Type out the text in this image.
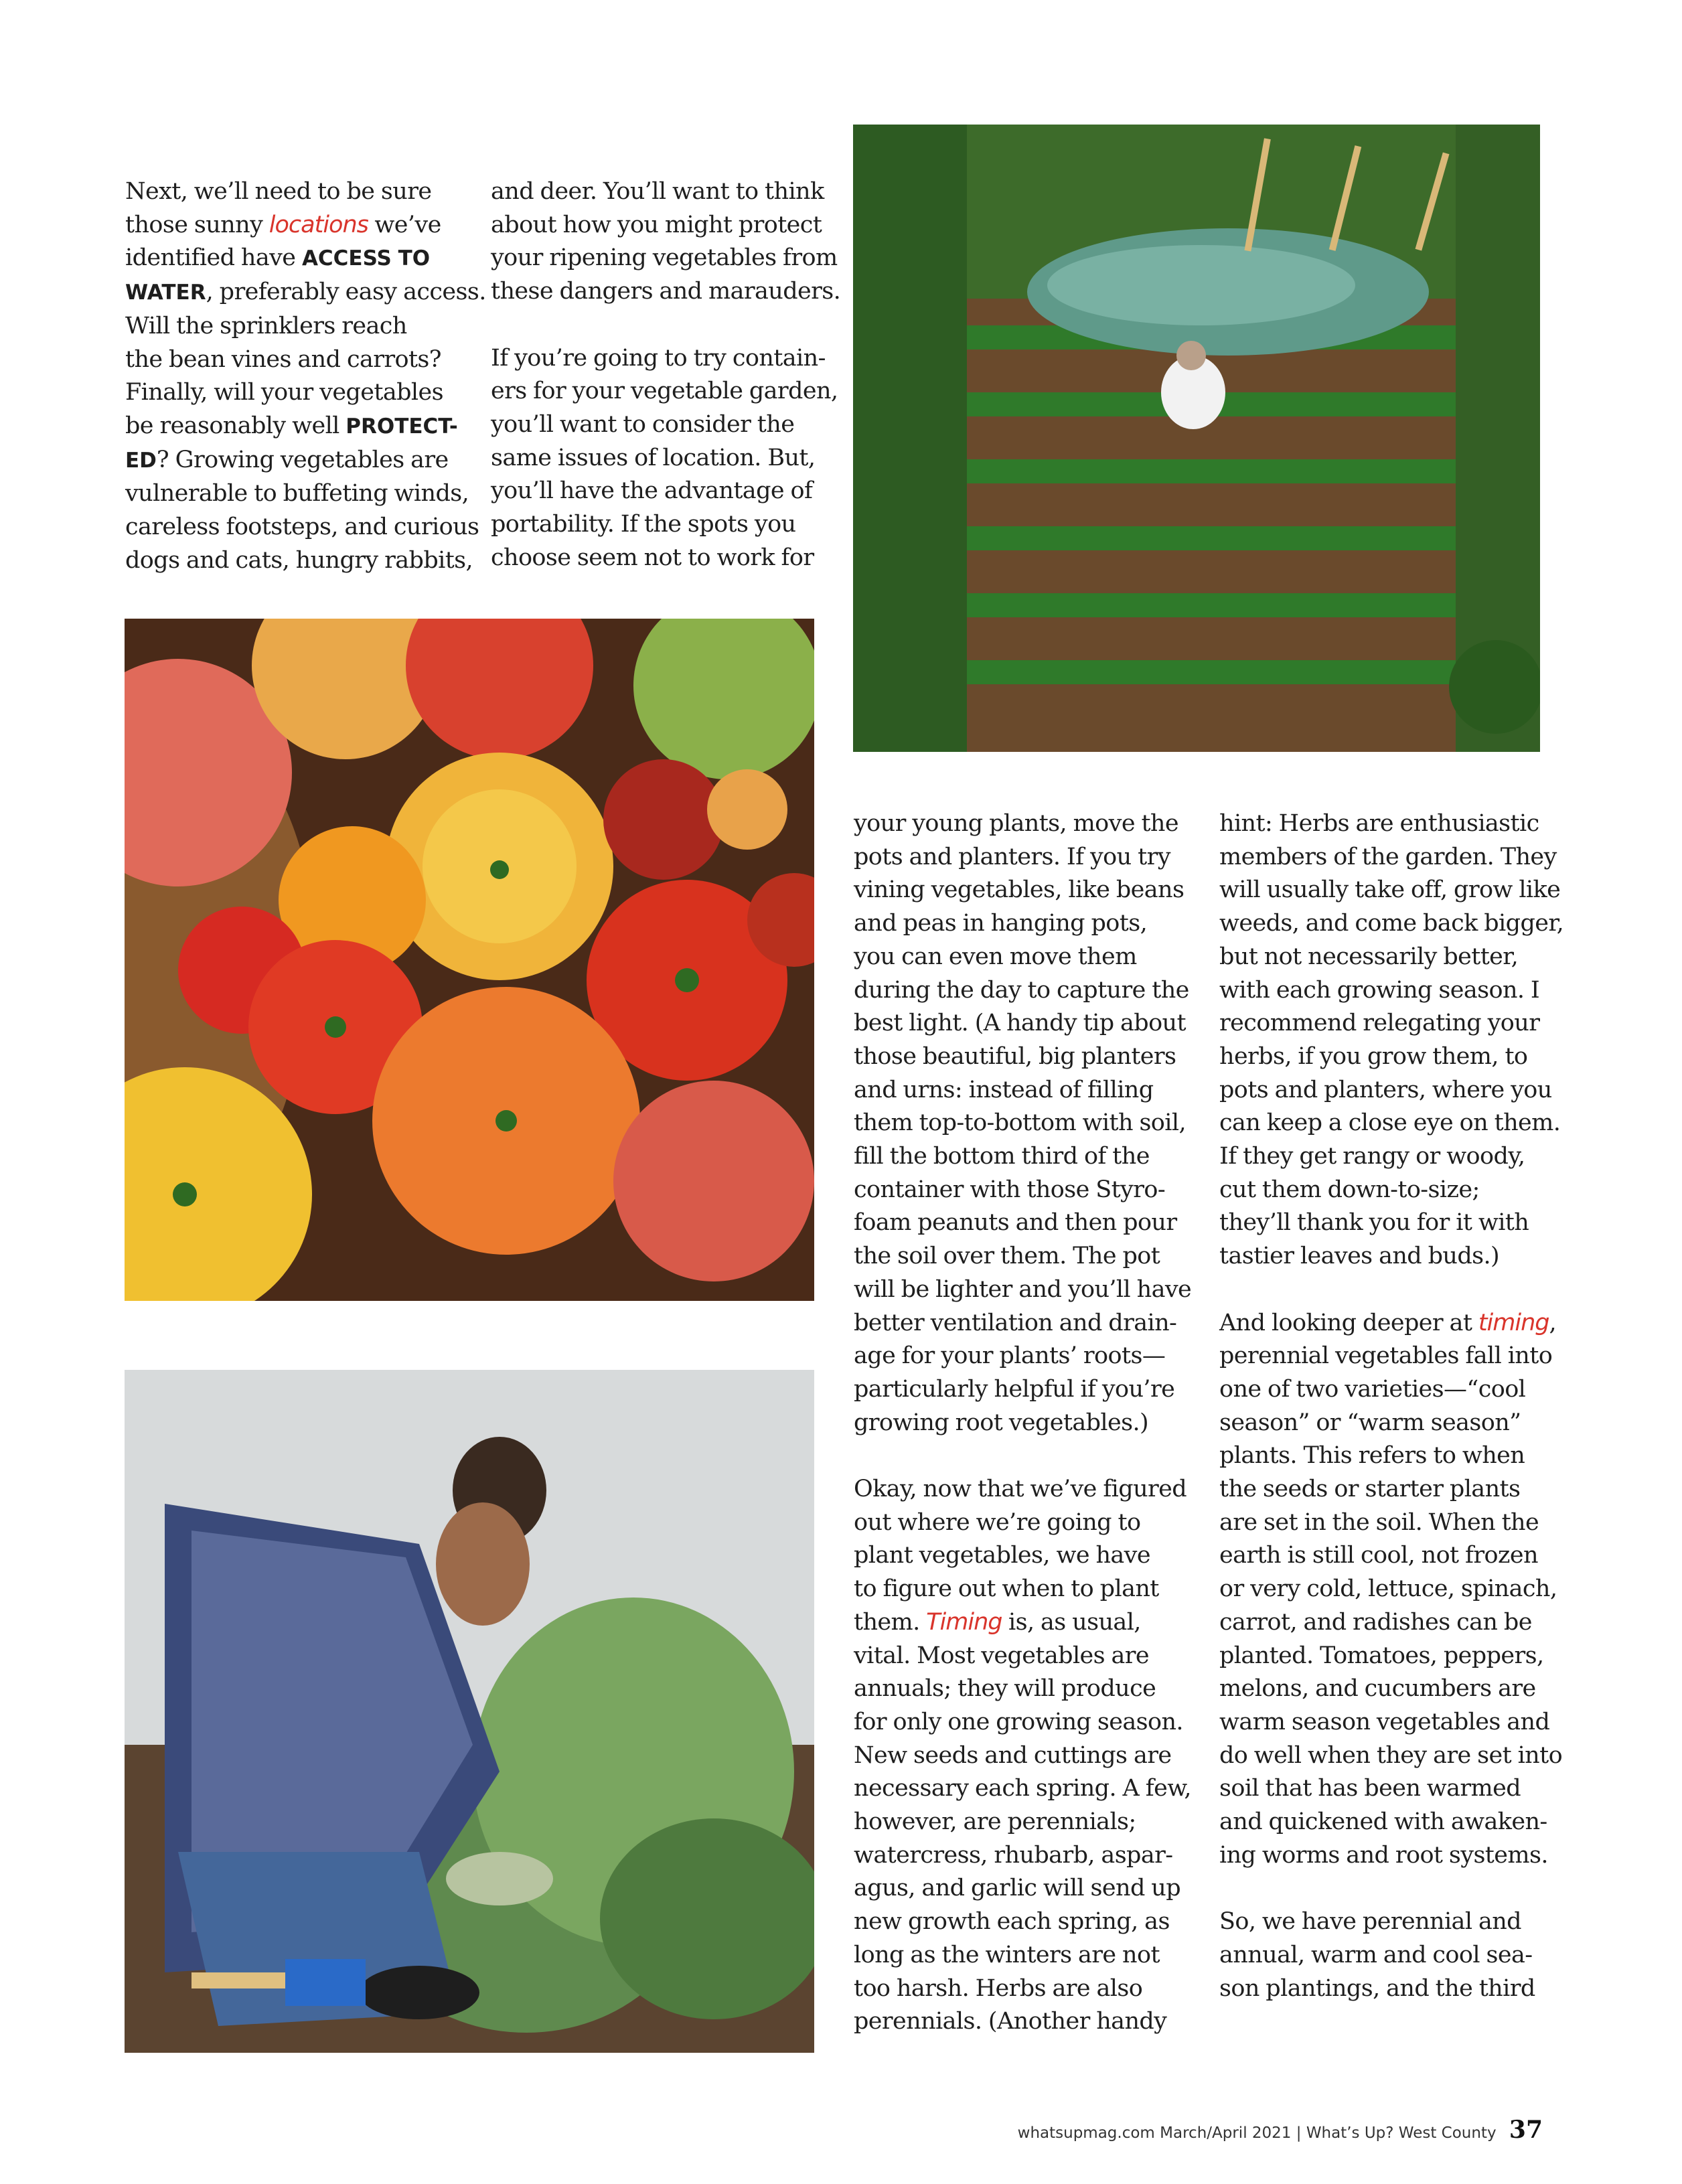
Next, we’ll need to be sure
those sunny locations we’ve
identified have ACCESS TO
WATER, preferably easy access.
Will the sprinklers reach
the bean vines and carrots?
Finally, will your vegetables
be reasonably well PROTECT-
ED? Growing vegetables are
vulnerable to buffeting winds,
careless footsteps, and curious
dogs and cats, hungry rabbits,
and deer. You’ll want to think
about how you might protect
your ripening vegetables from
these dangers and marauders.
If you’re going to try contain-
ers for your vegetable garden,
you’ll want to consider the
same issues of location. But,
you’ll have the advantage of
portability. If the spots you
choose seem not to work for
your young plants, move the
pots and planters. If you try
vining vegetables, like beans
and peas in hanging pots,
you can even move them
during the day to capture the
best light. (A handy tip about
those beautiful, big planters
and urns: instead of filling
them top-to-bottom with soil,
fill the bottom third of the
container with those Styro-
foam peanuts and then pour
the soil over them. The pot
will be lighter and you’ll have
better ventilation and drain-
age for your plants’ roots—
particularly helpful if you’re
growing root vegetables.)
Okay, now that we’ve figured
out where we’re going to
plant vegetables, we have
to figure out when to plant
them. Timing is, as usual,
vital. Most vegetables are
annuals; they will produce
for only one growing season.
New seeds and cuttings are
necessary each spring. A few,
however, are perennials;
watercress, rhubarb, aspar-
agus, and garlic will send up
new growth each spring, as
long as the winters are not
too harsh. Herbs are also
perennials. (Another handy
hint: Herbs are enthusiastic
members of the garden. They
will usually take off, grow like
weeds, and come back bigger,
but not necessarily better,
with each growing season. I
recommend relegating your
herbs, if you grow them, to
pots and planters, where you
can keep a close eye on them.
If they get rangy or woody,
cut them down-to-size;
they’ll thank you for it with
tastier leaves and buds.)
And looking deeper at timing,
perennial vegetables fall into
one of two varieties—“cool
season” or “warm season”
plants. This refers to when
the seeds or starter plants
are set in the soil. When the
earth is still cool, not frozen
or very cold, lettuce, spinach,
carrot, and radishes can be
planted. Tomatoes, peppers,
melons, and cucumbers are
warm season vegetables and
do well when they are set into
soil that has been warmed
and quickened with awaken-
ing worms and root systems.
So, we have perennial and
annual, warm and cool sea-
son plantings, and the third
whatsupmag.com March/April 2021 | What’s Up? West County 37
